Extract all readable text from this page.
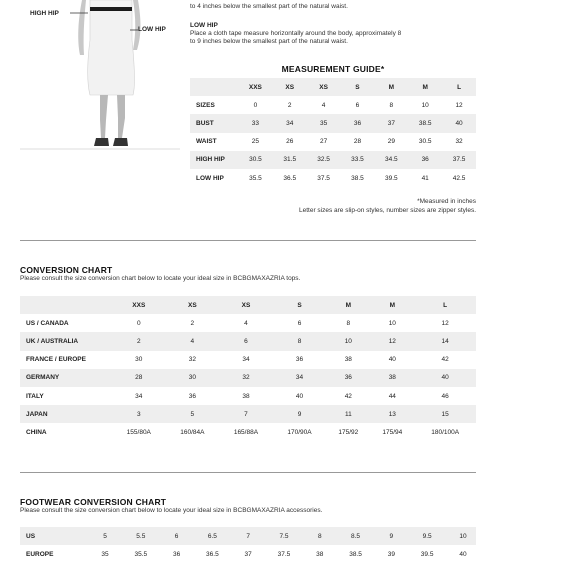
HIGH HIP
LOW HIP
to 4 inches below the smallest part of the natural waist.
LOW HIP
Place a cloth tape measure horizontally around the body, approximately 8
to 9 inches below the smallest part of the natural waist.
MEASUREMENT GUIDE*
	XXS	XS	XS	S	M	M	L
SIZES	0	2	4	6	8	10	12
BUST	33	34	35	36	37	38.5	40
WAIST	25	26	27	28	29	30.5	32
HIGH HIP	30.5	31.5	32.5	33.5	34.5	36	37.5
LOW HIP	35.5	36.5	37.5	38.5	39.5	41	42.5
*Measured in inches
Letter sizes are slip-on styles, number sizes are zipper styles.
CONVERSION CHART
Please consult the size conversion chart below to locate your ideal size in BCBGMAXAZRIA tops.
	XXS	XS	XS	S	M	M	L
US / CANADA	0	2	4	6	8	10	12
UK / AUSTRALIA	2	4	6	8	10	12	14
FRANCE / EUROPE	30	32	34	36	38	40	42
GERMANY	28	30	32	34	36	38	40
ITALY	34	36	38	40	42	44	46
JAPAN	3	5	7	9	11	13	15
CHINA	155/80A	160/84A	165/88A	170/90A	175/92	175/94	180/100A
FOOTWEAR CONVERSION CHART
Please consult the size conversion chart below to locate your ideal size in BCBGMAXAZRIA accessories.
US	5	5.5	6	6.5	7	7.5	8	8.5	9	9.5	10
EUROPE	35	35.5	36	36.5	37	37.5	38	38.5	39	39.5	40
